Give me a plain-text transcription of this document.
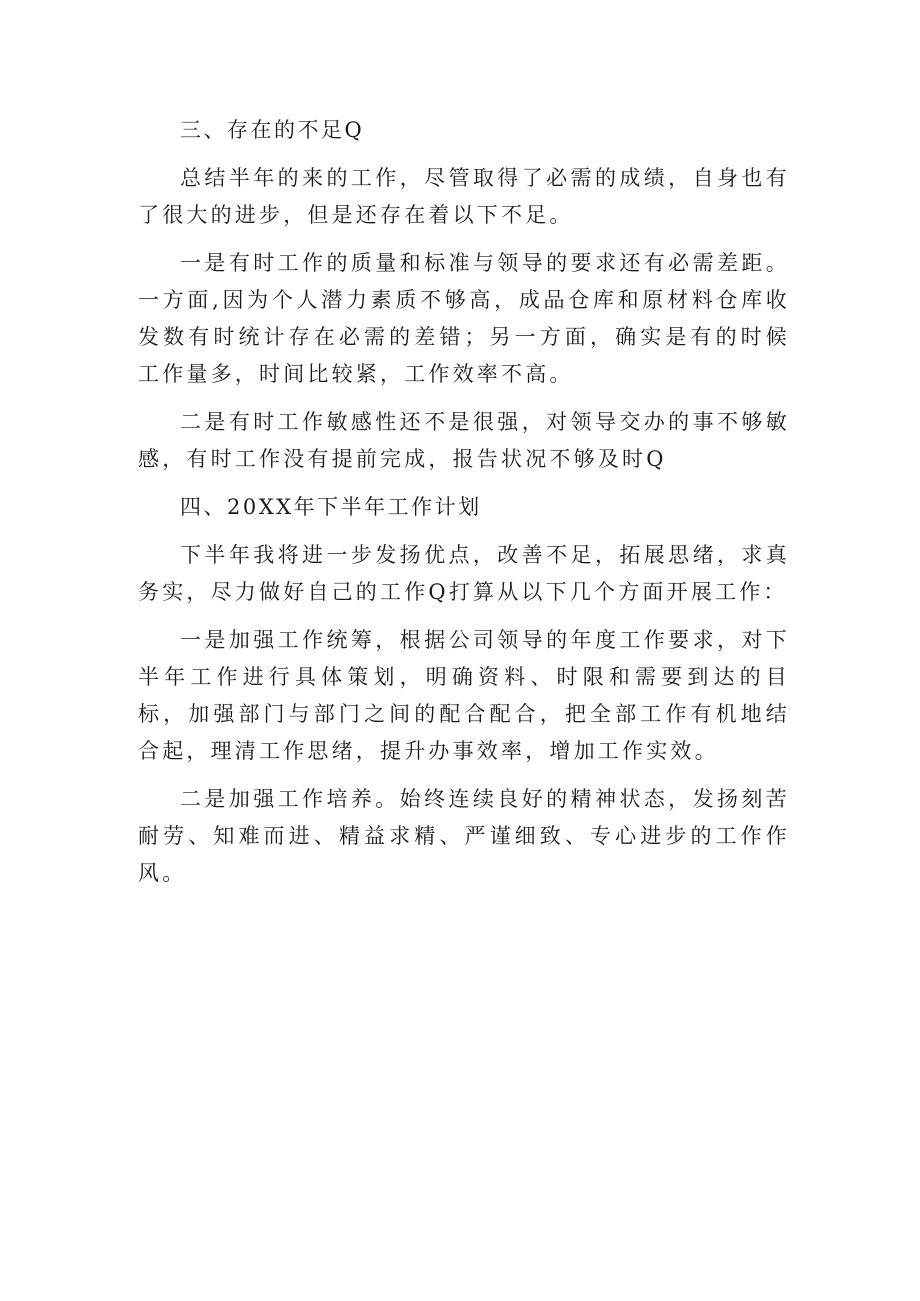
三、存在的不足Q

总结半年的来的工作，尽管取得了必需的成绩，自身也有了很大的进步，但是还存在着以下不足。

一是有时工作的质量和标准与领导的要求还有必需差距。一方面,因为个人潜力素质不够高，成品仓库和原材料仓库收发数有时统计存在必需的差错；另一方面，确实是有的时候工作量多，时间比较紧，工作效率不高。

二是有时工作敏感性还不是很强，对领导交办的事不够敏感，有时工作没有提前完成，报告状况不够及时Q

四、20XX年下半年工作计划

下半年我将进一步发扬优点，改善不足，拓展思绪，求真务实，尽力做好自己的工作Q打算从以下几个方面开展工作：

一是加强工作统筹，根据公司领导的年度工作要求，对下半年工作进行具体策划，明确资料、时限和需要到达的目标，加强部门与部门之间的配合配合，把全部工作有机地结合起，理清工作思绪，提升办事效率，增加工作实效。

二是加强工作培养。始终连续良好的精神状态，发扬刻苦耐劳、知难而进、精益求精、严谨细致、专心进步的工作作风。
